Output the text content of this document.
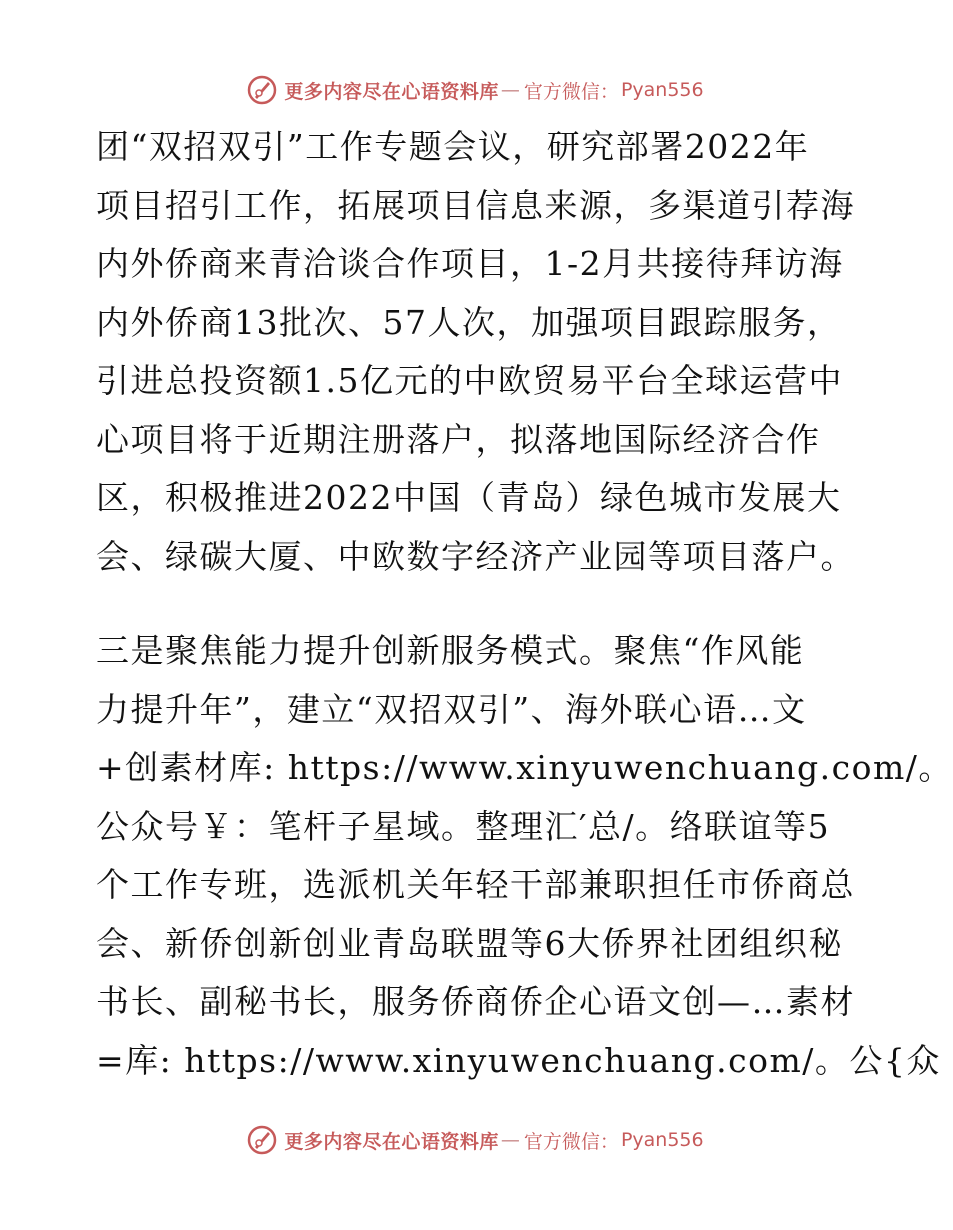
更多内容尽在心语资料库 — 官方微信： Pyan556
团“双招双引”工作专题会议，研究部署2022年
项目招引工作，拓展项目信息来源，多渠道引荐海
内外侨商来青洽谈合作项目，1-2月共接待拜访海
内外侨商13批次、57人次，加强项目跟踪服务，
引进总投资额1.5亿元的中欧贸易平台全球运营中
心项目将于近期注册落户，拟落地国际经济合作
区，积极推进2022中国（青岛）绿色城市发展大
会、绿碳大厦、中欧数字经济产业园等项目落户。
三是聚焦能力提升创新服务模式。聚焦“作风能
力提升年”，建立“双招双引”、海外联心语…文
+创素材库: https://www.xinyuwenchuang.com/。
公众号￥：笔杆子星域。整理汇′总/。络联谊等5
个工作专班，选派机关年轻干部兼职担任市侨商总
会、新侨创新创业青岛联盟等6大侨界社团组织秘
书长、副秘书长，服务侨商侨企心语文创—…素材
=库: https://www.xinyuwenchuang.com/。公{众
更多内容尽在心语资料库 — 官方微信： Pyan556
